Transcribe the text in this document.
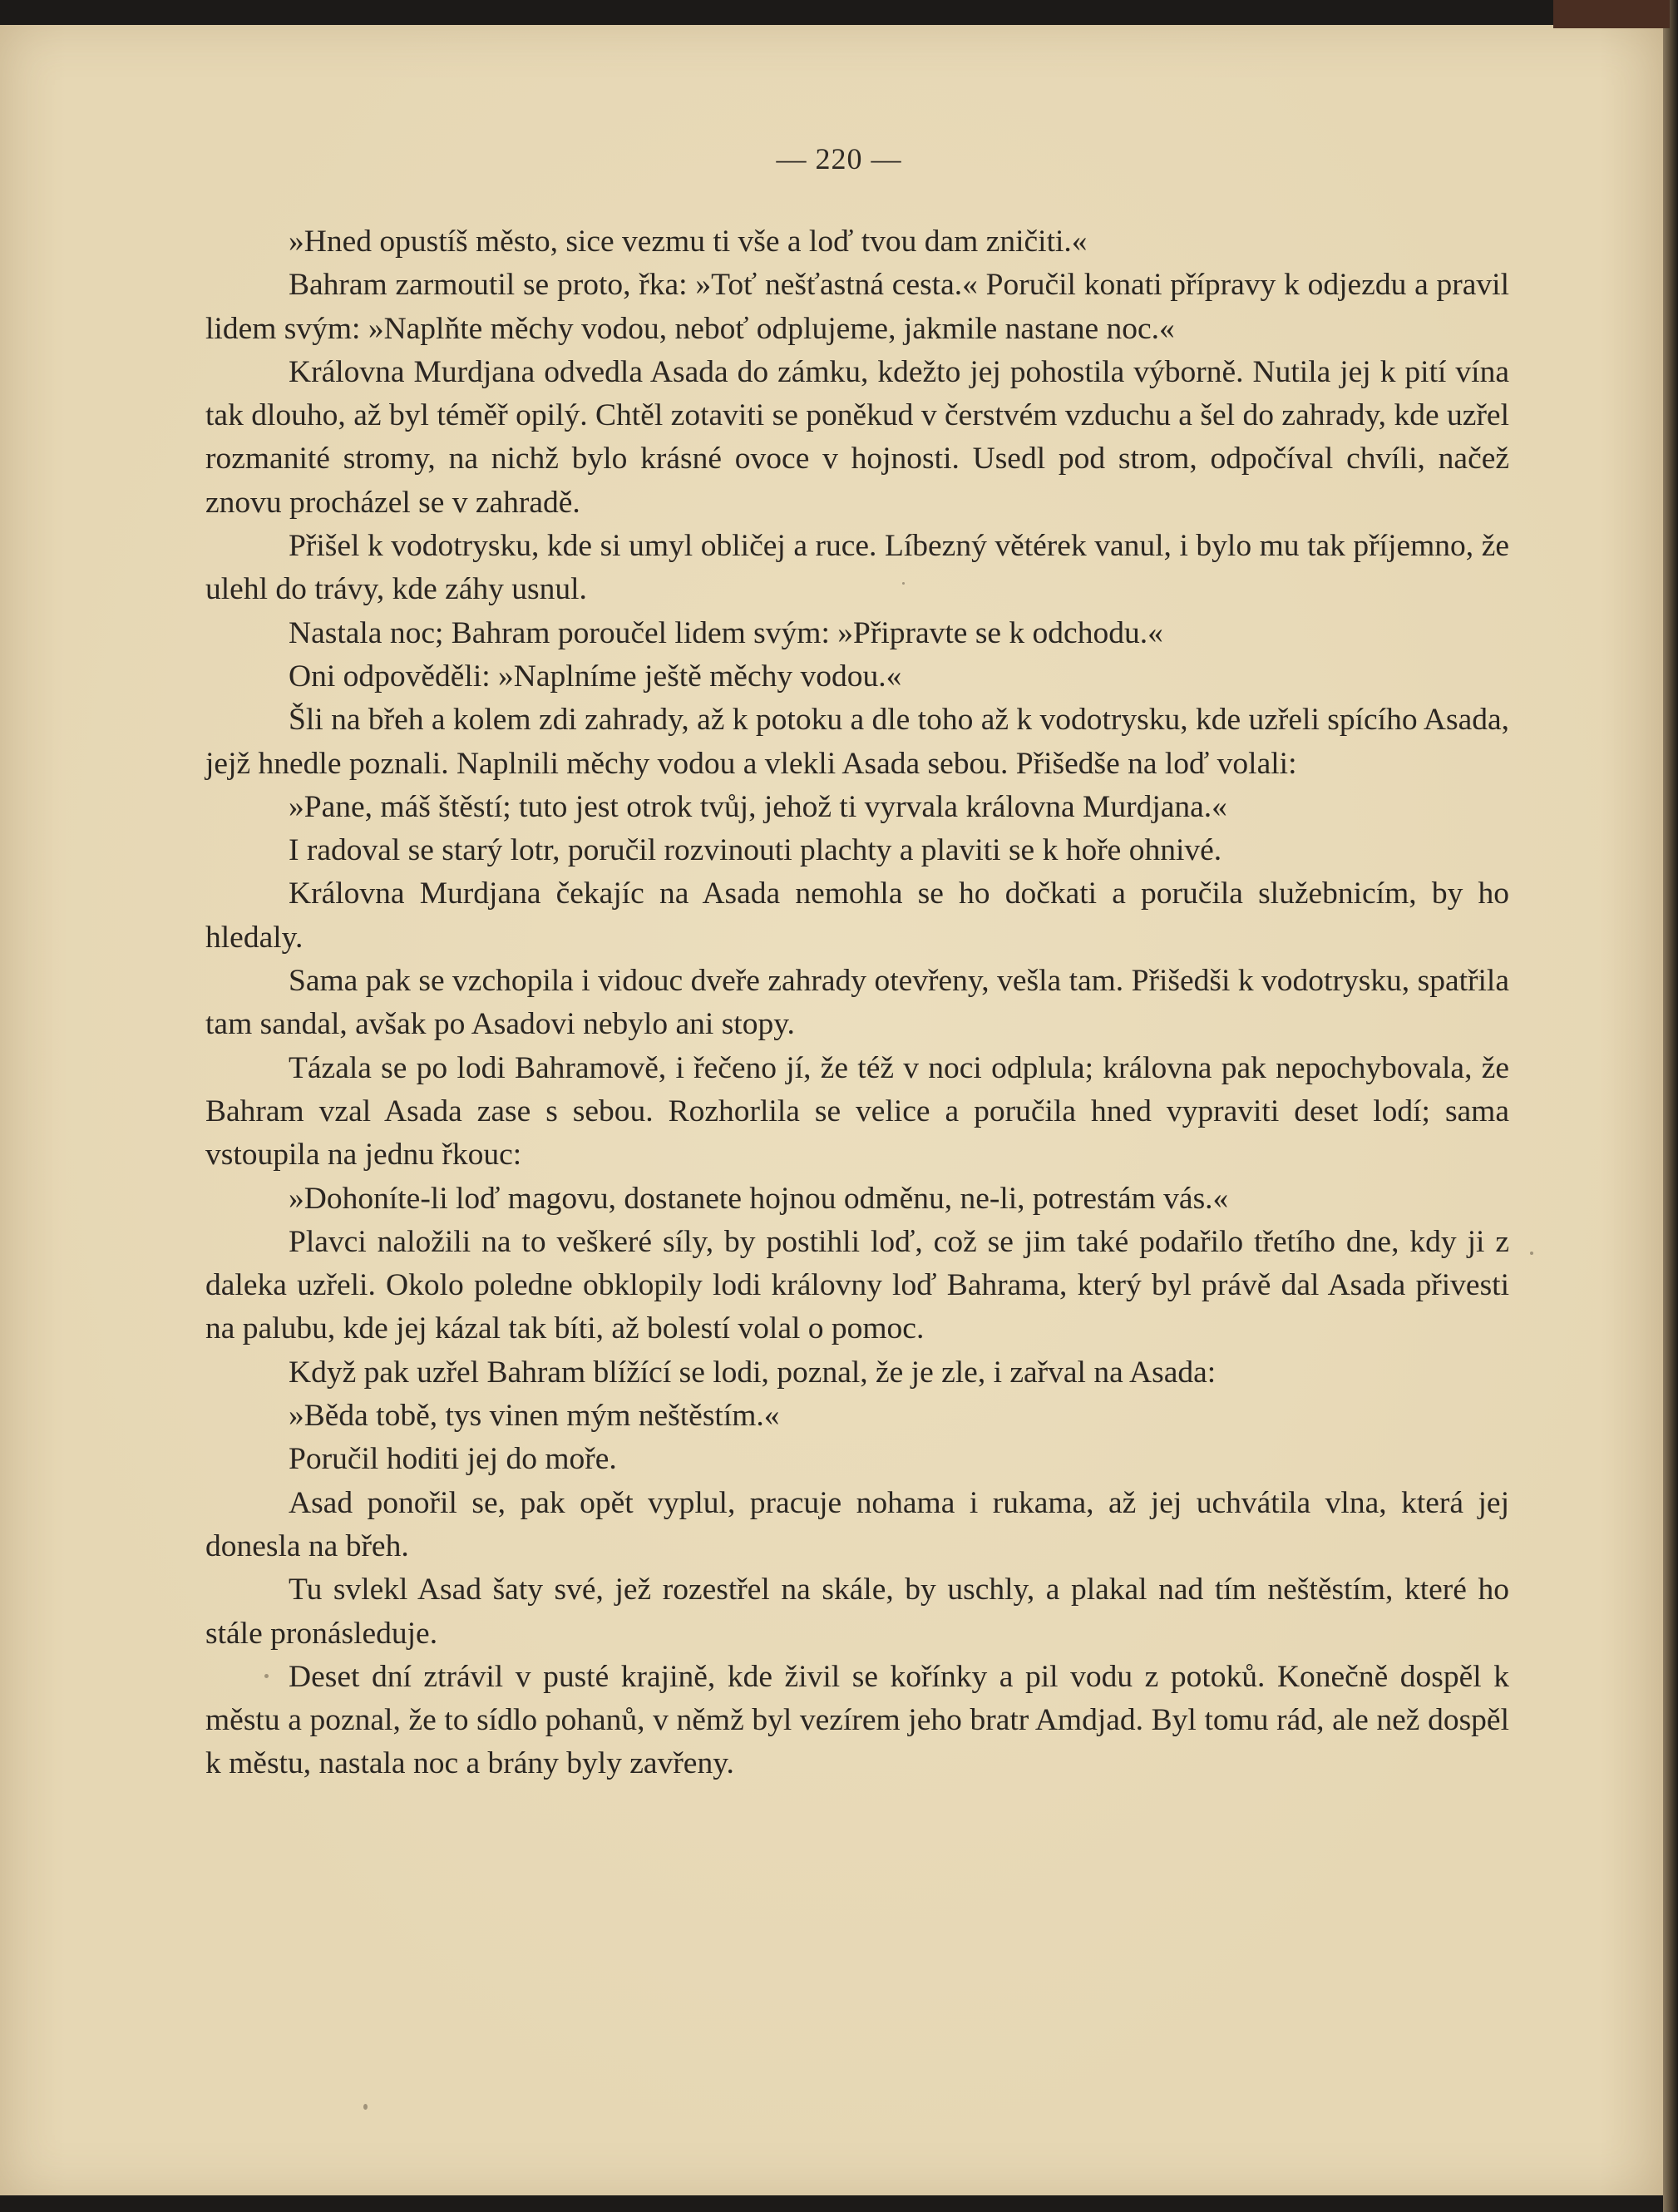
— 220 —

»Hned opustíš město, sice vezmu ti vše a loď tvou dam zničiti.«

Bahram zarmoutil se proto, řka: »Toť nešťastná cesta.« Poručil konati přípravy k odjezdu a pravil lidem svým: »Naplňte měchy vodou, neboť odplujeme, jakmile nastane noc.«

Královna Murdjana odvedla Asada do zámku, kdežto jej pohostila výborně. Nutila jej k pití vína tak dlouho, až byl téměř opilý. Chtěl zotaviti se poněkud v čerstvém vzduchu a šel do zahrady, kde uzřel rozmanité stromy, na nichž bylo krásné ovoce v hojnosti. Usedl pod strom, odpočíval chvíli, načež znovu procházel se v zahradě.

Přišel k vodotrysku, kde si umyl obličej a ruce. Líbezný větérek vanul, i bylo mu tak příjemno, že ulehl do trávy, kde záhy usnul.

Nastala noc; Bahram poroučel lidem svým: »Připravte se k odchodu.«

Oni odpověděli: »Naplníme ještě měchy vodou.«

Šli na břeh a kolem zdi zahrady, až k potoku a dle toho až k vodotrysku, kde uzřeli spícího Asada, jejž hnedle poznali. Naplnili měchy vodou a vlekli Asada sebou. Přišedše na loď volali:

»Pane, máš štěstí; tuto jest otrok tvůj, jehož ti vyrvala královna Murdjana.«

I radoval se starý lotr, poručil rozvinouti plachty a plaviti se k hoře ohnivé.

Královna Murdjana čekajíc na Asada nemohla se ho dočkati a poručila služebnicím, by ho hledaly.

Sama pak se vzchopila i vidouc dveře zahrady otevřeny, vešla tam. Přišedši k vodotrysku, spatřila tam sandal, avšak po Asadovi nebylo ani stopy.

Tázala se po lodi Bahramově, i řečeno jí, že též v noci odplula; královna pak nepochybovala, že Bahram vzal Asada zase s sebou. Rozhorlila se velice a poručila hned vypraviti deset lodí; sama vstoupila na jednu řkouc:

»Dohoníte-li loď magovu, dostanete hojnou odměnu, ne-li, potrestám vás.«

Plavci naložili na to veškeré síly, by postihli loď, což se jim také podařilo třetího dne, kdy ji z daleka uzřeli. Okolo poledne obklopily lodi královny loď Bahrama, který byl právě dal Asada přivesti na palubu, kde jej kázal tak bíti, až bolestí volal o pomoc.

Když pak uzřel Bahram blížící se lodi, poznal, že je zle, i zařval na Asada:

»Běda tobě, tys vinen mým neštěstím.«

Poručil hoditi jej do moře.

Asad ponořil se, pak opět vyplul, pracuje nohama i rukama, až jej uchvátila vlna, která jej donesla na břeh.

Tu svlekl Asad šaty své, jež rozestřel na skále, by uschly, a plakal nad tím neštěstím, které ho stále pronásleduje.

Deset dní ztrávil v pusté krajině, kde živil se kořínky a pil vodu z potoků. Konečně dospěl k městu a poznal, že to sídlo pohanů, v němž byl vezírem jeho bratr Amdjad. Byl tomu rád, ale než dospěl k městu, nastala noc a brány byly zavřeny.
